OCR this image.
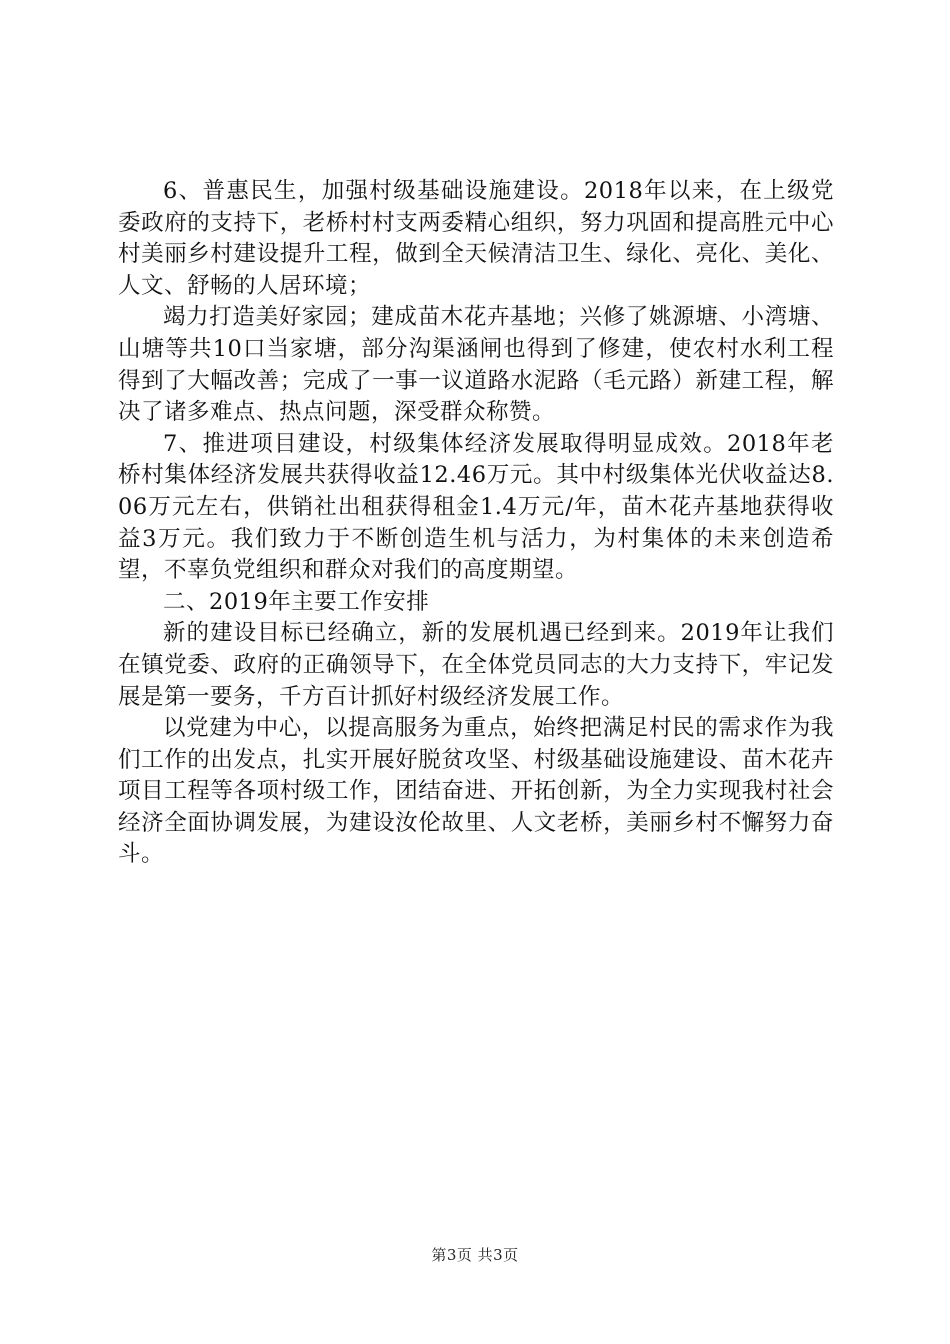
6、普惠民生，加强村级基础设施建设。2018年以来，在上级党委政府的支持下，老桥村村支两委精心组织，努力巩固和提高胜元中心村美丽乡村建设提升工程，做到全天候清洁卫生、绿化、亮化、美化、人文、舒畅的人居环境；

竭力打造美好家园；建成苗木花卉基地；兴修了姚源塘、小湾塘、山塘等共10口当家塘，部分沟渠涵闸也得到了修建，使农村水利工程得到了大幅改善；完成了一事一议道路水泥路（毛元路）新建工程，解决了诸多难点、热点问题，深受群众称赞。

7、推进项目建设，村级集体经济发展取得明显成效。2018年老桥村集体经济发展共获得收益12.46万元。其中村级集体光伏收益达8.06万元左右，供销社出租获得租金1.4万元/年，苗木花卉基地获得收益3万元。我们致力于不断创造生机与活力，为村集体的未来创造希望，不辜负党组织和群众对我们的高度期望。

二、2019年主要工作安排

新的建设目标已经确立，新的发展机遇已经到来。2019年让我们在镇党委、政府的正确领导下，在全体党员同志的大力支持下，牢记发展是第一要务，千方百计抓好村级经济发展工作。

以党建为中心，以提高服务为重点，始终把满足村民的需求作为我们工作的出发点，扎实开展好脱贫攻坚、村级基础设施建设、苗木花卉项目工程等各项村级工作，团结奋进、开拓创新，为全力实现我村社会经济全面协调发展，为建设汝伦故里、人文老桥，美丽乡村不懈努力奋斗。

第3页 共3页
